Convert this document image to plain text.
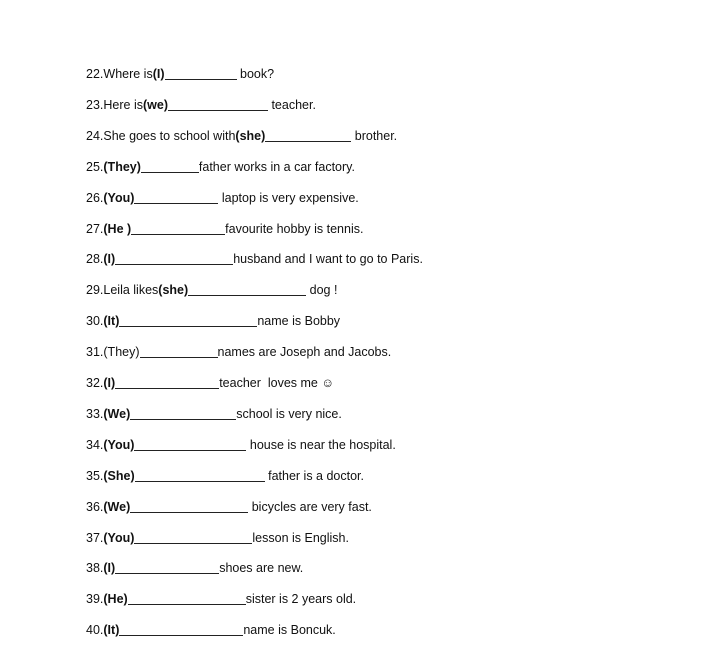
22.Where is(I)	book?
23.Here is(we)	teacher.
24.She goes to school with(she)	brother.
25.(They)	father works in a car factory.
26.(You)	laptop is very expensive.
27.(He )	favourite hobby is tennis.
28.(I)	husband and I want to go to Paris.
29.Leila likes(she)	dog !
30.(It)	name is Bobby
31.(They)	names are Joseph and Jacobs.
32.(I)	teacher  loves me ☺
33.(We)	school is very nice.
34.(You)	house is near the hospital.
35.(She)	father is a doctor.
36.(We)	bicycles are very fast.
37.(You)	lesson is English.
38.(I)	shoes are new.
39.(He)	sister is 2 years old.
40.(It)	name is Boncuk.
